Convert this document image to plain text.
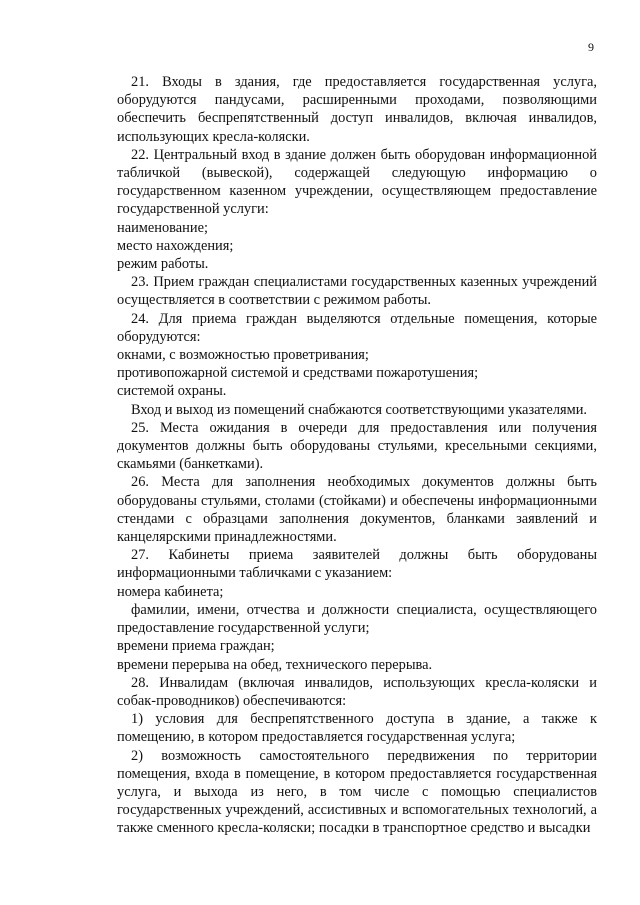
9

21. Входы в здания, где предоставляется государственная услуга, оборудуются пандусами, расширенными проходами, позволяющими обеспечить беспрепятственный доступ инвалидов, включая инвалидов, использующих кресла-коляски.

22. Центральный вход в здание должен быть оборудован информационной табличкой (вывеской), содержащей следующую информацию о государственном казенном учреждении, осуществляющем предоставление государственной услуги:

наименование;

место нахождения;

режим работы.

23. Прием граждан специалистами государственных казенных учреждений осуществляется в соответствии с режимом работы.

24. Для приема граждан выделяются отдельные помещения, которые оборудуются:

окнами, с возможностью проветривания;

противопожарной системой и средствами пожаротушения;

системой охраны.

Вход и выход из помещений снабжаются соответствующими указателями.

25. Места ожидания в очереди для предоставления или получения документов должны быть оборудованы стульями, кресельными секциями, скамьями (банкетками).

26. Места для заполнения необходимых документов должны быть оборудованы стульями, столами (стойками) и обеспечены информационными стендами с образцами заполнения документов, бланками заявлений и канцелярскими принадлежностями.

27. Кабинеты приема заявителей должны быть оборудованы информационными табличками с указанием:

номера кабинета;

фамилии, имени, отчества и должности специалиста, осуществляющего предоставление государственной услуги;

времени приема граждан;

времени перерыва на обед, технического перерыва.

28. Инвалидам (включая инвалидов, использующих кресла-коляски и собак-проводников) обеспечиваются:

1) условия для беспрепятственного доступа в здание, а также к помещению, в котором предоставляется государственная услуга;

2) возможность самостоятельного передвижения по территории помещения, входа в помещение, в котором предоставляется государственная услуга, и выхода из него, в том числе с помощью специалистов государственных учреждений, ассистивных и вспомогательных технологий, а также сменного кресла-коляски; посадки в транспортное средство и высадки
